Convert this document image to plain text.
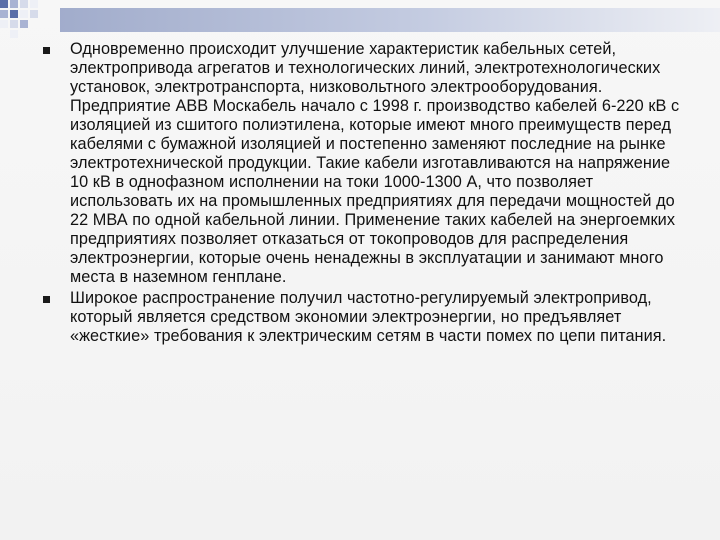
Одновременно происходит улучшение характеристик кабельных сетей, электропривода агрегатов и технологических линий, электротехнологических установок, электротранспорта, низковольтного электрооборудования. Предприятие АВВ Москабель начало с 1998 г. производство кабелей 6-220 кВ с изоляцией из сшитого полиэтилена, которые имеют много преимуществ перед кабелями с бумажной изоляцией и постепенно заменяют последние на рынке электротехнической продукции. Такие кабели изготавливаются на напряжение 10 кВ в однофазном исполнении на токи 1000-1300 А, что позволяет использовать их на промышленных предприятиях для передачи мощностей до 22 МВА по одной кабельной линии. Применение таких кабелей на энергоемких предприятиях позволяет отказаться от токопроводов для распределения электроэнергии, которые очень ненадежны в эксплуатации и занимают много места в наземном генплане.
Широкое распространение получил частотно-регулируемый электропривод, который является средством экономии электроэнергии, но предъявляет «жесткие» требования к электрическим сетям в части помех по цепи питания.
